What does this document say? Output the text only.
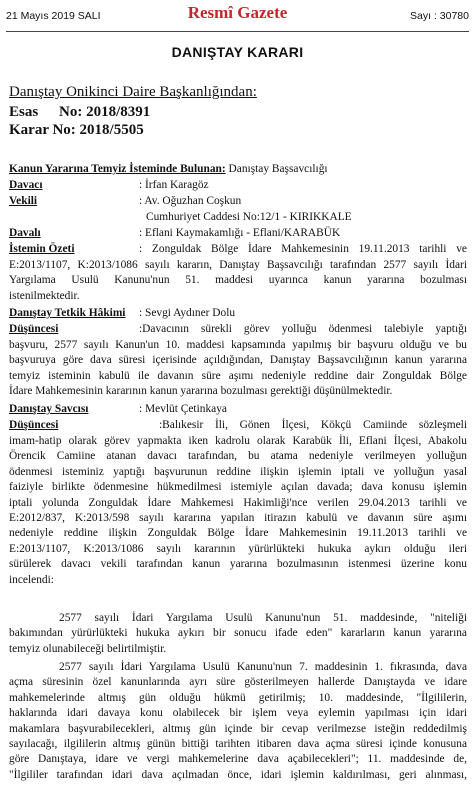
21 Mayıs 2019 SALI	Resmî Gazete	Sayı : 30780
DANIŞTAY KARARI
Danıştay Onikinci Daire Başkanlığından:
Esas No: 2018/8391
Karar No: 2018/5505
Kanun Yararına Temyiz İsteminde Bulunan: Danıştay Başsavcılığı
Davacı	: İrfan Karagöz
Vekili	: Av. Oğuzhan Coşkun
Cumhuriyet Caddesi No:12/1 - KIRIKKALE
Davalı	: Eflani Kaymakamlığı - Eflani/KARABÜK
İstemin Özeti	: Zonguldak Bölge İdare Mahkemesinin 19.11.2013 tarihli ve
E:2013/1107, K:2013/1086 sayılı kararın, Danıştay Başsavcılığı tarafından 2577 sayılı İdari
Yargılama Usulü Kanunu'nun 51. maddesi uyarınca kanun yararına bozulması
istenilmektedir.
Danıştay Tetkik Hâkimi : Sevgi Aydıner Dolu
Düşüncesi	:Davacının sürekli görev yolluğu ödenmesi talebiyle yaptığı
başvuru, 2577 sayılı Kanun'un 10. maddesi kapsamında yapılmış bir başvuru olduğu ve bu
başvuruya göre dava süresi içerisinde açıldığından, Danıştay Başsavcılığının kanun yararına
temyiz isteminin kabulü ile davanın süre aşımı nedeniyle reddine dair Zonguldak Bölge
İdare Mahkemesinin kararının kanun yararına bozulması gerektiği düşünülmektedir.
Danıştay Savcısı	: Mevlüt Çetinkaya
Düşüncesi	:Balıkesir İli, Gönen İlçesi, Kökçü Camiinde sözleşmeli
imam-hatip olarak görev yapmakta iken kadrolu olarak Karabük İli, Eflani İlçesi, Abakolu
Örencik Camiine atanan davacı tarafından, bu atama nedeniyle verilmeyen yolluğun
ödenmesi isteminiz yaptığı başvurunun reddine ilişkin işlemin iptali ve yolluğun yasal
faiziyle birlikte ödenmesine hükmedilmesi istemiyle açılan davada; dava konusu işlemin
iptali yolunda Zonguldak İdare Mahkemesi Hakimliği'nce verilen 29.04.2013 tarihli ve
E:2012/837, K:2013/598 sayılı kararına yapılan itirazın kabulü ve davanın süre aşımı
nedeniyle reddine ilişkin Zonguldak Bölge İdare Mahkemesinin 19.11.2013 tarihli ve
E:2013/1107, K:2013/1086 sayılı kararının yürürlükteki hukuka aykırı olduğu ileri
sürülerek davacı vekili tarafından kanun yararına bozulmasının istenmesi üzerine konu
incelendi:
2577 sayılı İdari Yargılama Usulü Kanunu'nun 51. maddesinde, "niteliği
bakımından yürürlükteki hukuka aykırı bir sonucu ifade eden" kararların kanun yararına
temyiz olunabileceği belirtilmiştir.
2577 sayılı İdari Yargılama Usulü Kanunu'nun 7. maddesinin 1. fıkrasında, dava
açma süresinin özel kanunlarında ayrı süre gösterilmeyen hallerde Danıştayda ve idare
mahkemelerinde altmış gün olduğu hükmü getirilmiş; 10. maddesinde, "İlgililerin,
haklarında idari davaya konu olabilecek bir işlem veya eylemin yapılması için idari
makamlara başvurabilecekleri, altmış gün içinde bir cevap verilmezse isteğin reddedilmiş
sayılacağı, ilgililerin altmış günün bittiği tarihten itibaren dava açma süresi içinde konusuna
göre Danıştaya, idare ve vergi mahkemelerine dava açabilecekleri"; 11. maddesinde de,
"İlgililer tarafından idari dava açılmadan önce, idari işlemin kaldırılması, geri alınması,
